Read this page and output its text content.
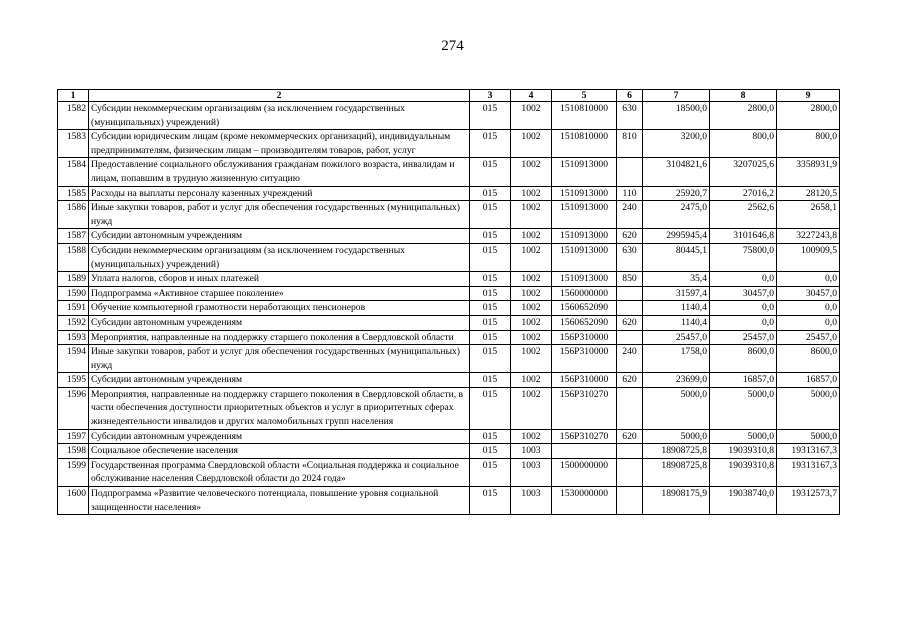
274
1	2	3	4	5	6	7	8	9
1582	Субсидии некоммерческим организациям (за исключением государственных (муниципальных) учреждений)	015	1002	1510810000	630	18500,0	2800,0	2800,0
1583	Субсидии юридическим лицам (кроме некоммерческих организаций), индивидуальным предпринимателям, физическим лицам – производителям товаров, работ, услуг	015	1002	1510810000	810	3200,0	800,0	800,0
1584	Предоставление социального обслуживания гражданам пожилого возраста, инвалидам и лицам, попавшим в трудную жизненную ситуацию	015	1002	1510913000		3104821,6	3207025,6	3358931,9
1585	Расходы на выплаты персоналу казенных учреждений	015	1002	1510913000	110	25920,7	27016,2	28120,5
1586	Иные закупки товаров, работ и услуг для обеспечения государственных (муниципальных) нужд	015	1002	1510913000	240	2475,0	2562,6	2658,1
1587	Субсидии автономным учреждениям	015	1002	1510913000	620	2995945,4	3101646,8	3227243,8
1588	Субсидии некоммерческим организациям (за исключением государственных (муниципальных) учреждений)	015	1002	1510913000	630	80445,1	75800,0	100909,5
1589	Уплата налогов, сборов и иных платежей	015	1002	1510913000	850	35,4	0,0	0,0
1590	Подпрограмма «Активное старшее поколение»	015	1002	1560000000		31597,4	30457,0	30457,0
1591	Обучение компьютерной грамотности неработающих пенсионеров	015	1002	1560652090		1140,4	0,0	0,0
1592	Субсидии автономным учреждениям	015	1002	1560652090	620	1140,4	0,0	0,0
1593	Мероприятия, направленные на поддержку старшего поколения в Свердловской области	015	1002	156P310000		25457,0	25457,0	25457,0
1594	Иные закупки товаров, работ и услуг для обеспечения государственных (муниципальных) нужд	015	1002	156P310000	240	1758,0	8600,0	8600,0
1595	Субсидии автономным учреждениям	015	1002	156P310000	620	23699,0	16857,0	16857,0
1596	Мероприятия, направленные на поддержку старшего поколения в Свердловской области, в части обеспечения доступности приоритетных объектов и услуг в приоритетных сферах жизнедеятельности инвалидов и других маломобильных групп населения	015	1002	156P310270		5000,0	5000,0	5000,0
1597	Субсидии автономным учреждениям	015	1002	156P310270	620	5000,0	5000,0	5000,0
1598	Социальное обеспечение населения	015	1003			18908725,8	19039310,8	19313167,3
1599	Государственная программа Свердловской области «Социальная поддержка и социальное обслуживание населения Свердловской области до 2024 года»	015	1003	1500000000		18908725,8	19039310,8	19313167,3
1600	Подпрограмма «Развитие человеческого потенциала, повышение уровня социальной защищенности населения»	015	1003	1530000000		18908175,9	19038740,0	19312573,7
